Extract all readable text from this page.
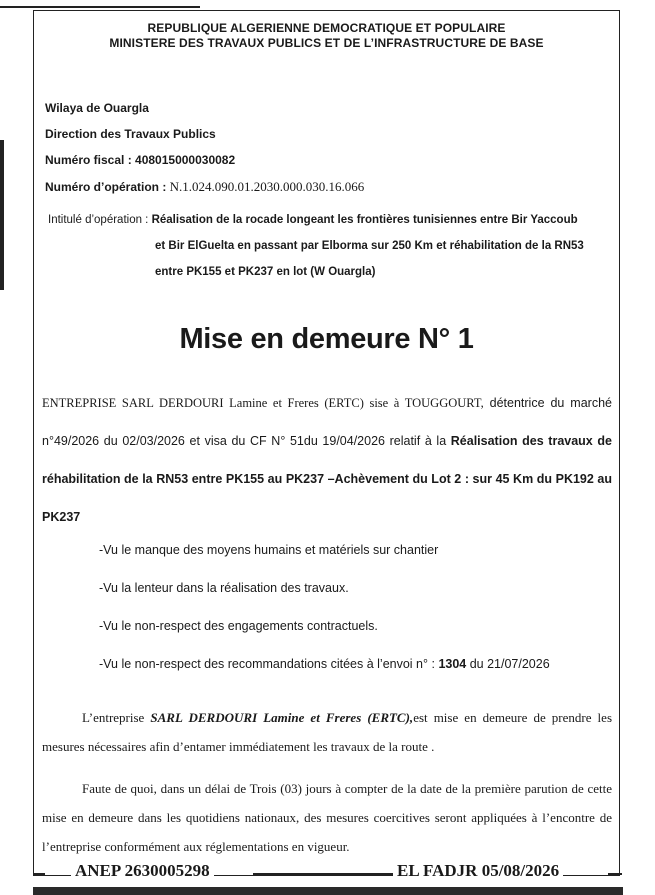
REPUBLIQUE ALGERIENNE DEMOCRATIQUE ET POPULAIRE
MINISTERE DES TRAVAUX PUBLICS ET DE L’INFRASTRUCTURE DE BASE
Wilaya de Ouargla
Direction des Travaux Publics
Numéro fiscal : 408015000030082
Numéro d’opération : N.1.024.090.01.2030.000.030.16.066
Intitulé d’opération : Réalisation de la rocade longeant les frontières tunisiennes entre Bir Yaccoub
et Bir ElGuelta en passant par Elborma sur 250 Km et réhabilitation de la RN53
entre PK155 et PK237 en lot (W Ouargla)
Mise en demeure N° 1
ENTREPRISE SARL DERDOURI Lamine et Freres (ERTC) sise à TOUGGOURT, détentrice du marché n°49/2026 du 02/03/2026 et visa du CF N° 51du 19/04/2026 relatif à la Réalisation des travaux de réhabilitation de la RN53 entre PK155 au PK237 –Achèvement du Lot 2 : sur 45 Km du PK192 au PK237
-Vu le manque des moyens humains et matériels sur chantier
-Vu la lenteur dans la réalisation des travaux.
-Vu le non-respect des engagements contractuels.
-Vu le non-respect des recommandations citées à l’envoi n° : 1304 du 21/07/2026
L’entreprise SARL DERDOURI Lamine et Freres (ERTC),est mise en demeure de prendre les mesures nécessaires afin d’entamer immédiatement les travaux de la route .
Faute de quoi, dans un délai de Trois (03) jours à compter de la date de la première parution de cette mise en demeure dans les quotidiens nationaux, des mesures coercitives seront appliquées à l’encontre de l’entreprise conformément aux réglementations en vigueur.
ANEP 2630005298	EL FADJR 05/08/2026
